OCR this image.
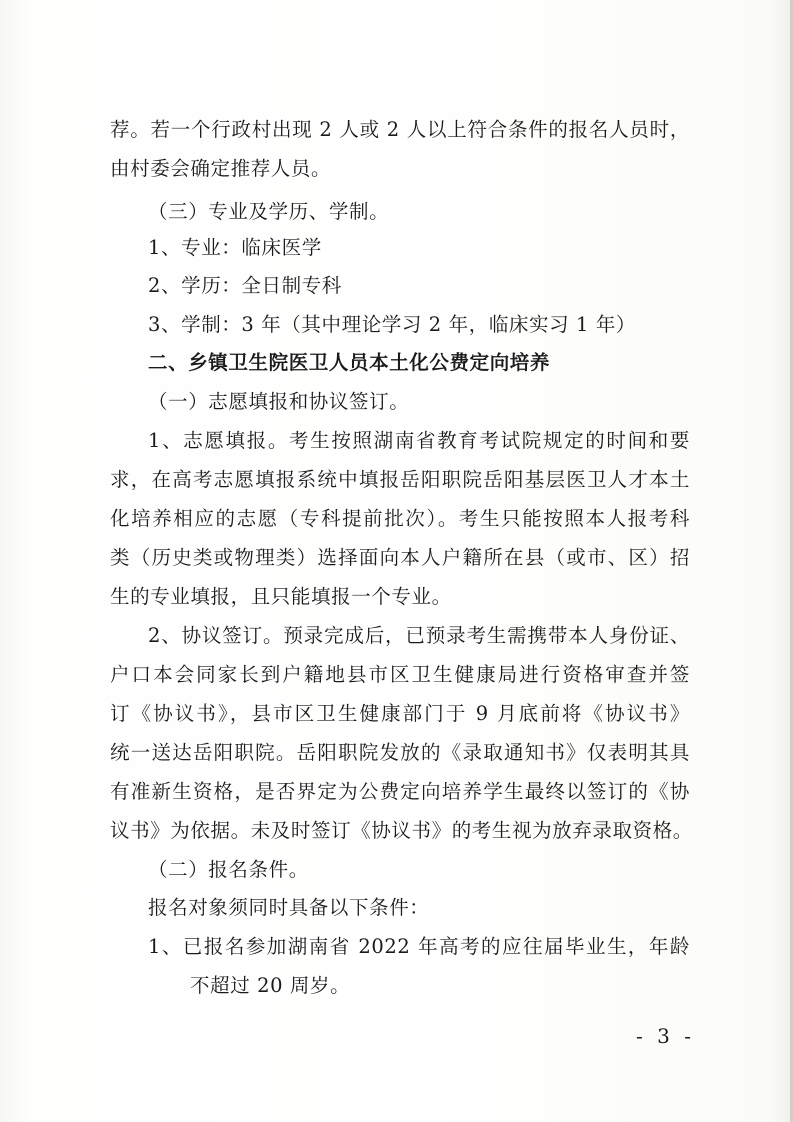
荐。若一个行政村出现 2 人或 2 人以上符合条件的报名人员时，
由村委会确定推荐人员。
（三）专业及学历、学制。
1、专业：临床医学
2、学历：全日制专科
3、学制：3 年（其中理论学习 2 年，临床实习 1 年）
二、乡镇卫生院医卫人员本土化公费定向培养
（一）志愿填报和协议签订。
1、志愿填报。考生按照湖南省教育考试院规定的时间和要
求，在高考志愿填报系统中填报岳阳职院岳阳基层医卫人才本土
化培养相应的志愿（专科提前批次）。考生只能按照本人报考科
类（历史类或物理类）选择面向本人户籍所在县（或市、区）招
生的专业填报，且只能填报一个专业。
2、协议签订。预录完成后，已预录考生需携带本人身份证、
户口本会同家长到户籍地县市区卫生健康局进行资格审查并签
订《协议书》，县市区卫生健康部门于 9 月底前将《协议书》
统一送达岳阳职院。岳阳职院发放的《录取通知书》仅表明其具
有准新生资格，是否界定为公费定向培养学生最终以签订的《协
议书》为依据。未及时签订《协议书》的考生视为放弃录取资格。
（二）报名条件。
报名对象须同时具备以下条件：
1、已报名参加湖南省 2022 年高考的应往届毕业生，年龄
不超过 20 周岁。
- 3 -
